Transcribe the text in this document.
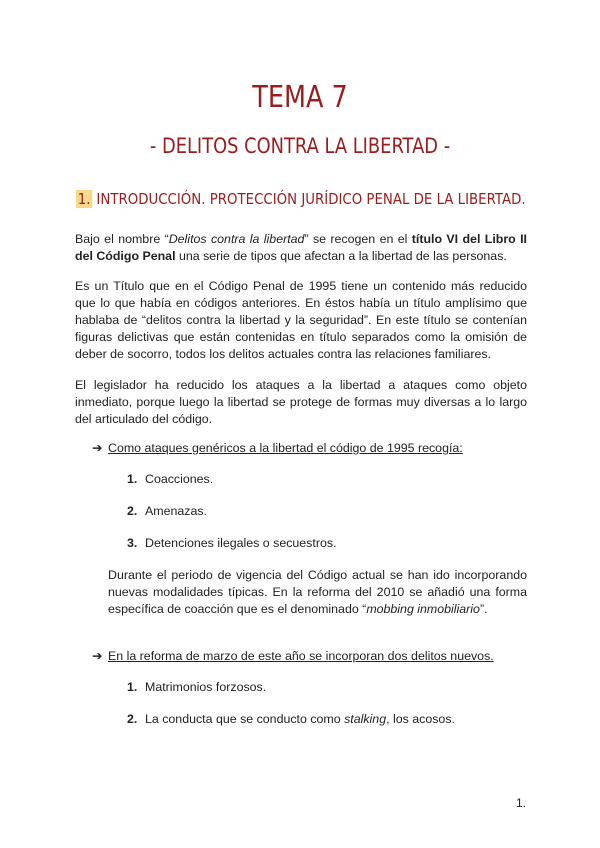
TEMA 7
- DELITOS CONTRA LA LIBERTAD -
1. INTRODUCCIÓN. PROTECCIÓN JURÍDICO PENAL DE LA LIBERTAD.

Bajo el nombre “Delitos contra la libertad” se recogen en el título VI del Libro II del Código Penal una serie de tipos que afectan a la libertad de las personas.

Es un Título que en el Código Penal de 1995 tiene un contenido más reducido que lo que había en códigos anteriores. En éstos había un título amplísimo que hablaba de “delitos contra la libertad y la seguridad”. En este título se contenían figuras delictivas que están contenidas en título separados como la omisión de deber de socorro, todos los delitos actuales contra las relaciones familiares.

El legislador ha reducido los ataques a la libertad a ataques como objeto inmediato, porque luego la libertad se protege de formas muy diversas a lo largo del articulado del código.

➔ Como ataques genéricos a la libertad el código de 1995 recogía:
1. Coacciones.
2. Amenazas.
3. Detenciones ilegales o secuestros.

Durante el periodo de vigencia del Código actual se han ido incorporando nuevas modalidades típicas. En la reforma del 2010 se añadió una forma específica de coacción que es el denominado “mobbing inmobiliario”.

➔ En la reforma de marzo de este año se incorporan dos delitos nuevos.
1. Matrimonios forzosos.
2. La conducta que se conducto como stalking, los acosos.
1.
